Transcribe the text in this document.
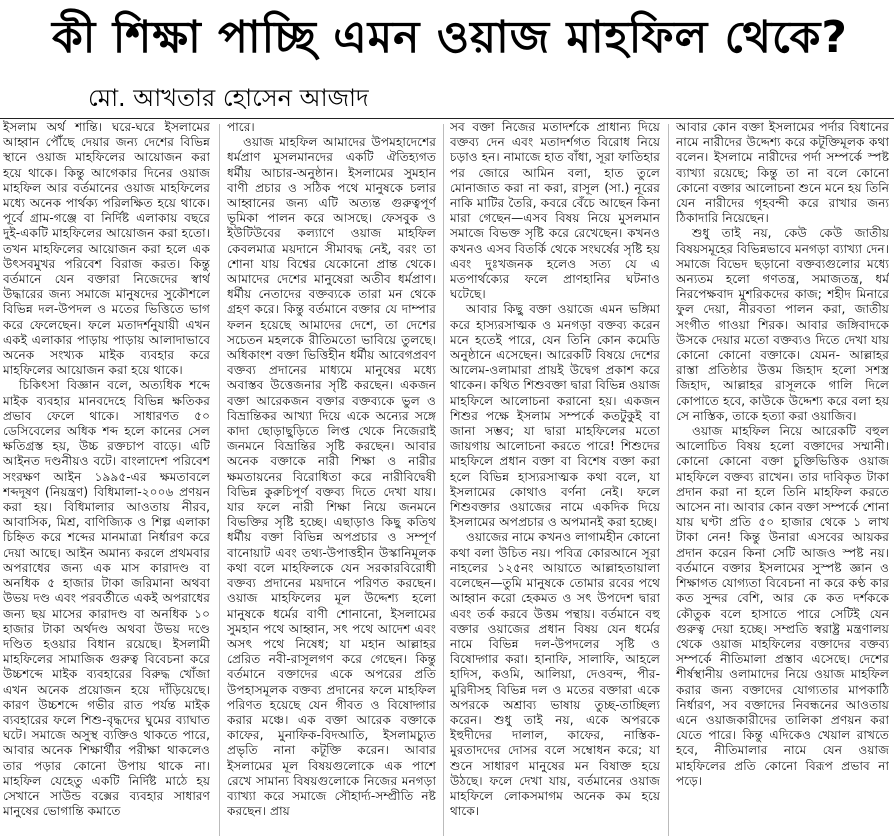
কী শিক্ষা পাচ্ছি এমন ওয়াজ মাহফিল থেকে?
মো. আখতার হোসেন আজাদ

ইসলাম অর্থ শান্তি। ঘরে-ঘরে ইসলামের আহ্বান পৌঁছে দেয়ার জন্য দেশের বিভিন্ন স্থানে ওয়াজ মাহফিলের আয়োজন করা হয়ে থাকে। কিন্তু আগেকার দিনের ওয়াজ মাহফিল আর বর্তমানের ওয়াজ মাহফিলের মধ্যে অনেক পার্থক্য পরিলক্ষিত হয়ে থাকে। পূর্বে গ্রাম-গঞ্জে বা নির্দিষ্ট এলাকায় বছরে দুই-একটি মাহফিলের আয়োজন করা হতো। তখন মাহফিলের আয়োজন করা হলে এক উৎসবমুখর পরিবেশ বিরাজ করত। কিন্তু বর্তমানে যেন বক্তারা নিজেদের স্বার্থ উদ্ধারের জন্য সমাজে মানুষদের সুকৌশলে বিভিন্ন দল-উপদল ও মতের ভিত্তিতে ভাগ করে ফেলেছেন। ফলে মতাদর্শনুযায়ী এখন একই এলাকার পাড়ায় পাড়ায় আলাদাভাবে অনেক সংখ্যক মাইক ব্যবহার করে মাহফিলের আয়োজন করা হয়ে থাকে।

চিকিৎসা বিজ্ঞান বলে, অত্যধিক শব্দে মাইক ব্যবহার মানবদেহে বিভিন্ন ক্ষতিকর প্রভাব ফেলে থাকে। সাধারণত ৫০ ডেসিবেলের অধিক শব্দ হলে কানের সেল ক্ষতিগ্রস্ত হয়, উচ্চ রক্তচাপ বাড়ে। এটি আইনত দণ্ডনীয়ও বটে। বাংলাদেশ পরিবেশ সংরক্ষণ আইন ১৯৯৫-এর ক্ষমতাবলে শব্দদূষণ (নিয়ন্ত্রণ) বিধিমালা-২০০৬ প্রণয়ন করা হয়। বিধিমালার আওতায় নীরব, আবাসিক, মিশ্র, বাণিজ্যিক ও শিল্প এলাকা চিহ্নিত করে শব্দের মানমাত্রা নির্ধারণ করে দেয়া আছে। আইন অমান্য করলে প্রথমবার অপরাধের জন্য এক মাস কারাদণ্ড বা অনধিক ৫ হাজার টাকা জরিমানা অথবা উভয় দণ্ড এবং পরবর্তীতে একই অপরাধের জন্য ছয় মাসের কারাদণ্ড বা অনধিক ১০ হাজার টাকা অর্থদণ্ড অথবা উভয় দণ্ডে দণ্ডিত হওয়ার বিধান রয়েছে। ইসলামী মাহফিলের সামাজিক গুরুত্ব বিবেচনা করে উচ্চশব্দে মাইক ব্যবহারের বিরুদ্ধ খোঁজা এখন অনেক প্রয়োজন হয়ে দাঁড়িয়েছে। কারণ উচ্চশব্দে গভীর রাত পর্যন্ত মাইক ব্যবহারের ফলে শিশু-বৃদ্ধদের ঘুমের ব্যাঘাত ঘটে। সমাজে অসুস্থ ব্যক্তিও থাকতে পারে, আবার অনেক শিক্ষার্থীর পরীক্ষা থাকলেও তার পড়ার কোনো উপায় থাকে না। মাহফিল যেহেতু একটি নির্দিষ্ট মাঠে হয় সেখানে সাউন্ড বক্সের ব্যবহার সাধারণ মানুষের ভোগান্তি কমাতে

পারে।

ওয়াজ মাহফিল আমাদের উপমহাদেশের ধর্মপ্রাণ মুসলমানদের একটি ঐতিহ্যগত ধর্মীয় আচার-অনুষ্ঠান। ইসলামের সুমহান বাণী প্রচার ও সঠিক পথে মানুষকে চলার আহ্বানের জন্য এটি অত্যন্ত গুরুত্বপূর্ণ ভূমিকা পালন করে আসছে। ফেসবুক ও ইউটিউবের কল্যাণে ওয়াজ মাহফিল কেবলমাত্র ময়দানে সীমাবদ্ধ নেই, বরং তা শোনা যায় বিশ্বের যেকোনো প্রান্ত থেকে। আমাদের দেশের মানুষেরা অতীব ধর্মপ্রাণ। ধর্মীয় নেতাদের বক্তব্যকে তারা মন থেকে গ্রহণ করে। কিন্তু বর্তমানে বক্তার যে দাম্পার ফলন হয়েছে আমাদের দেশে, তা দেশের সচেতন মহলকে রীতিমতো ভাবিয়ে তুলছে। অধিকাংশ বক্তা ভিত্তিহীন ধর্মীয় আবেগপ্রবণ বক্তব্য প্রদানের মাধ্যমে মানুষের মধ্যে অবাস্তব উত্তেজনার সৃষ্টি করছেন। একজন বক্তা আরেকজন বক্তার বক্তব্যকে ভুল ও বিভ্রান্তিকর আখ্যা দিয়ে একে অন্যের সঙ্গে কাদা ছোড়াছুড়িতে লিপ্ত থেকে নিজেরাই জনমনে বিভ্রান্তির সৃষ্টি করছেন। আবার অনেক বক্তাকে নারী শিক্ষা ও নারীর ক্ষমতায়নের বিরোধিতা করে নারীবিদ্বেষী বিভিন্ন কুরুচিপূর্ণ বক্তব্য দিতে দেখা যায়। যার ফলে নারী শিক্ষা নিয়ে জনমনে বিভক্তির সৃষ্টি হচ্ছে। এছাড়াও কিছু কতিথ ধর্মীয় বক্তা বিভিন্ন অপপ্রচার ও সম্পূর্ণ বানোয়াট এবং তথ্য-উপাত্তহীন উস্কানিমূলক কথা বলে মাহফিলকে যেন সরকারবিরোধী বক্তব্য প্রদানের ময়দানে পরিণত করছেন। ওয়াজ মাহফিলের মূল উদ্দেশ্য হলো মানুষকে ধর্মের বাণী শোনানো, ইসলামের সুমহান পথে আহ্বান, সৎ পথে আদেশ এবং অসৎ পথে নিষেধ; যা মহান আল্লাহর প্রেরিত নবী-রাসূলগণ করে গেছেন। কিন্তু বর্তমানে বক্তাদের একে অপরের প্রতি উপহাসমূলক বক্তব্য প্রদানের ফলে মাহফিল পরিণত হয়েছে যেন গীবত ও বিষোদ্গার করার মঞ্চে। এক বক্তা আরেক বক্তাকে কাফের, মুনাফিক-বিদআতি, ইসলামচ্যুত প্রভৃতি নানা কটূক্তি করেন। আবার ইসলামের মূল বিষয়গুলোকে এক পাশে রেখে সামান্য বিষয়গুলোকে নিজের মনগড়া ব্যাখ্যা করে সমাজে সৌহার্দ্য-সম্প্রীতি নষ্ট করছেন। প্রায়

সব বক্তা নিজের মতাদর্শকে প্রাধান্য দিয়ে বক্তব্য দেন এবং মতাদর্শগত বিরোধ নিয়ে চড়াও হন। নামাজে হাত বাঁধা, সূরা ফাতিহার পর জোরে আমিন বলা, হাত তুলে মোনাজাত করা না করা, রাসূল (সা.) নূরের নাকি মাটির তৈরি, কবরে বেঁচে আছেন কিনা মারা গেছেন—এসব বিষয় নিয়ে মুসলমান সমাজে বিভক্ত সৃষ্টি করে রেখেছেন। কখনও কখনও এসব বিতর্কি থেকে সংঘর্ষের সৃষ্টি হয় এবং দুঃখজনক হলেও সত্য যে এ মতপার্থক্যের ফলে প্রাণহানির ঘটনাও ঘটেছে।

আবার কিছু বক্তা ওয়াজে এমন ভঙ্গিমা করে হাস্যরসাত্মক ও মনগড়া বক্তব্য করেন মনে হতেই পারে, যেন তিনি কোন কমেডি অনুষ্ঠানে এসেছেন। আরেকটি বিষয়ে দেশের আলেম-ওলামারা প্রায়ই উদ্বেগ প্রকাশ করে থাকেন। কথিত শিশুবক্তা দ্বারা বিভিন্ন ওয়াজ মাহফিলে আলোচনা করানো হয়। একজন শিশুর পক্ষে ইসলাম সম্পর্কে কতটুকুই বা জানা সম্ভব; যা দ্বারা মাহফিলের মতো জায়গায় আলোচনা করতে পারে! শিশুদের মাহফিলে প্রধান বক্তা বা বিশেষ বক্তা করা হলে বিভিন্ন হাস্যরসাত্মক কথা বলে, যা ইসলামের কোথাও বর্ণনা নেই। ফলে শিশুবক্তার ওয়াজের নামে একদিক দিয়ে ইসলামের অপপ্রচার ও অপমানই করা হচ্ছে।

ওয়াজের নামে কখনও লাগামহীন কোনো কথা বলা উচিত নয়। পবিত্র কোরআনে সূরা নাহলের ১২৫নং আয়াতে আল্লাহতায়ালা বলেছেন—তুমি মানুষকে তোমার রবের পথে আহ্বান করো হেকমত ও সৎ উপদেশ দ্বারা এবং তর্ক করবে উত্তম পন্থায়। বর্তমানে বহু বক্তার ওয়াজের প্রধান বিষয় যেন ধর্মের নামে বিভিন্ন দল-উপদলের সৃষ্টি ও বিষোদ্গার করা। হানাফি, সালাফি, আহলে হাদিস, কওমি, আলিয়া, দেওবন্দ, পীর-মুরিদীসহ বিভিন্ন দল ও মতের বক্তারা একে অপরকে অশ্রাব্য ভাষায় তুচ্ছ-তাচ্ছিল্য করেন। শুধু তাই নয়, একে অপরকে ইহুদীদের দালাল, কাফের, নাস্তিক-মুরতাদদের দোসর বলে সম্বোধন করে; যা শুনে সাধারণ মানুষের মন বিষাক্ত হয়ে উঠছে। ফলে দেখা যায়, বর্তমানের ওয়াজ মাহফিলে লোকসমাগম অনেক কম হয়ে থাকে।

আবার কোন বক্তা ইসলামের পর্দার বিধানের নামে নারীদের উদ্দেশ্য করে কটূক্তিমূলক কথা বলেন। ইসলামে নারীদের পর্দা সম্পর্কে স্পষ্ট ব্যাখ্যা রয়েছে; কিন্তু তা না বলে কোনো কোনো বক্তার আলোচনা শুনে মনে হয় তিনি যেন নারীদের গৃহবন্দী করে রাখার জন্য ঠিকাদারি নিয়েছেন।

শুধু তাই নয়, কেউ কেউ জাতীয় বিষয়সমূহের বিভিন্নভাবে মনগড়া ব্যাখ্যা দেন। সমাজে বিভেদ ছড়ানো বক্তব্যগুলোর মধ্যে অন্যতম হলো গণতন্ত্র, সমাজতন্ত্র, ধর্ম নিরপেক্ষবাদ মুশরিকদের কাজ; শহীদ মিনারে ফুল দেয়া, নীরবতা পালন করা, জাতীয় সংগীত গাওয়া শিরক। আবার জঙ্গিবাদকে উসকে দেয়ার মতো বক্তব্যও দিতে দেখা যায় কোনো কোনো বক্তাকে। যেমন- আল্লাহর রাস্তা প্রতিষ্ঠার উত্তম জিহাদ হলো সশস্ত্র জিহাদ, আল্লাহর রাসূলকে গালি দিলে কোপাতে হবে, কাউকে উদ্দেশ্য করে বলা হয় সে নাস্তিক, তাকে হত্যা করা ওয়াজিব।

ওয়াজ মাহফিল নিয়ে আরেকটি বহুল আলোচিত বিষয় হলো বক্তাদের সম্মানী। কোনো কোনো বক্তা চুক্তিভিত্তিক ওয়াজ মাহফিলে বক্তব্য রাখেন। তার দাবিকৃত টাকা প্রদান করা না হলে তিনি মাহফিল করতে আসেন না। আবার কোন বক্তা সম্পর্কে শোনা যায় ঘণ্টা প্রতি ৫০ হাজার থেকে ১ লাখ টাকা নেন! কিন্তু উনারা এসবের আয়কর প্রদান করেন কিনা সেটি আজও স্পষ্ট নয়। বর্তমানে বক্তার ইসলামের সুস্পষ্ট জ্ঞান ও শিক্ষাগত যোগ্যতা বিবেচনা না করে কণ্ঠ কার কত সুন্দর বেশি, আর কে কত দর্শককে কৌতুক বলে হাসাতে পারে সেটিই যেন গুরুত্ব দেয়া হচ্ছে। সম্প্রতি স্বরাষ্ট্র মন্ত্রণালয় থেকে ওয়াজ মাহফিলের বক্তাদের বক্তব্য সম্পর্কে নীতিমালা প্রস্তাব এসেছে। দেশের শীর্ষস্থানীয় ওলামাদের নিয়ে ওয়াজ মাহফিল করার জন্য বক্তাদের যোগ্যতার মাপকাঠি নির্ধারণ, সব বক্তাদের নিবন্ধনের আওতায় এনে ওয়াজকারীদের তালিকা প্রণয়ন করা যেতে পারে। কিন্তু এদিকেও খেয়াল রাখতে হবে, নীতিমালার নামে যেন ওয়াজ মাহফিলের প্রতি কোনো বিরূপ প্রভাব না পড়ে।
